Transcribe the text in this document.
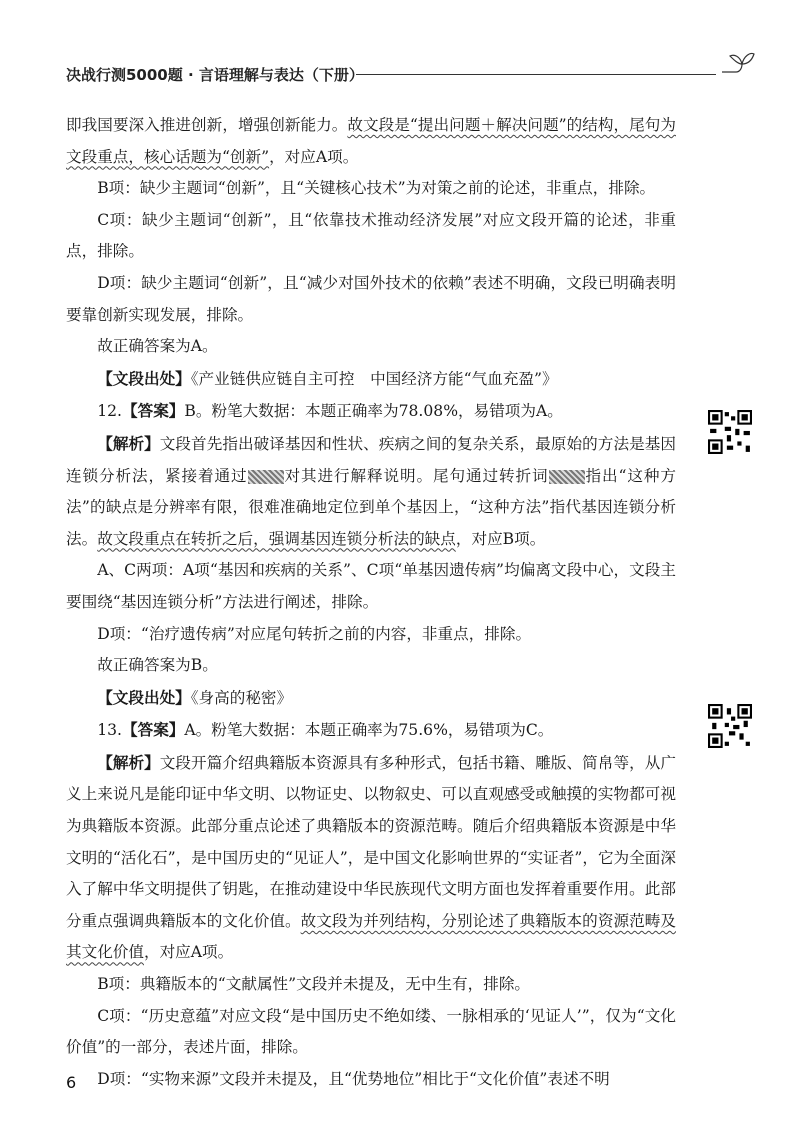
决战行测5000题 · 言语理解与表达（下册）

即我国要深入推进创新，增强创新能力。故文段是“提出问题＋解决问题”的结构，尾句为文段重点，核心话题为“创新”，对应A项。

B项：缺少主题词“创新”，且“关键核心技术”为对策之前的论述，非重点，排除。

C项：缺少主题词“创新”，且“依靠技术推动经济发展”对应文段开篇的论述，非重点，排除。

D项：缺少主题词“创新”，且“减少对国外技术的依赖”表述不明确，文段已明确表明要靠创新实现发展，排除。

故正确答案为A。

【文段出处】《产业链供应链自主可控　中国经济方能“气血充盈”》

12.【答案】B。粉笔大数据：本题正确率为78.08%，易错项为A。

【解析】文段首先指出破译基因和性状、疾病之间的复杂关系，最原始的方法是基因连锁分析法，紧接着通过 对其进行解释说明。尾句通过转折词 指出“这种方法”的缺点是分辨率有限，很难准确地定位到单个基因上，“这种方法”指代基因连锁分析法。故文段重点在转折之后，强调基因连锁分析法的缺点，对应B项。

A、C两项：A项“基因和疾病的关系”、C项“单基因遗传病”均偏离文段中心，文段主要围绕“基因连锁分析”方法进行阐述，排除。

D项：“治疗遗传病”对应尾句转折之前的内容，非重点，排除。

故正确答案为B。

【文段出处】《身高的秘密》

13.【答案】A。粉笔大数据：本题正确率为75.6%，易错项为C。

【解析】文段开篇介绍典籍版本资源具有多种形式，包括书籍、雕版、简帛等，从广义上来说凡是能印证中华文明、以物证史、以物叙史、可以直观感受或触摸的实物都可视为典籍版本资源。此部分重点论述了典籍版本的资源范畴。随后介绍典籍版本资源是中华文明的“活化石”，是中国历史的“见证人”，是中国文化影响世界的“实证者”，它为全面深入了解中华文明提供了钥匙，在推动建设中华民族现代文明方面也发挥着重要作用。此部分重点强调典籍版本的文化价值。故文段为并列结构，分别论述了典籍版本的资源范畴及其文化价值，对应A项。

B项：典籍版本的“文献属性”文段并未提及，无中生有，排除。

C项：“历史意蕴”对应文段“是中国历史不绝如缕、一脉相承的‘见证人’”，仅为“文化价值”的一部分，表述片面，排除。

D项：“实物来源”文段并未提及，且“优势地位”相比于“文化价值”表述不明

6
